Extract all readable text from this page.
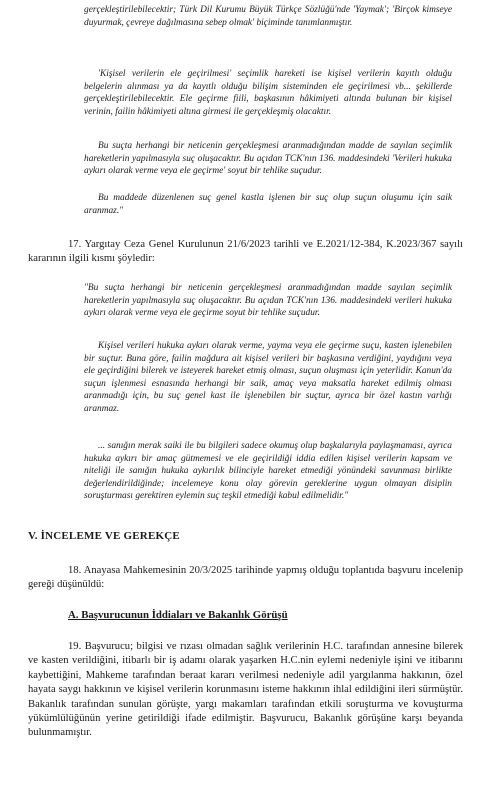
gerçekleştirilebilecektir; Türk Dil Kurumu Büyük Türkçe Sözlüğü'nde 'Yaymak'; 'Birçok kimseye duyurmak, çevreye dağılmasına sebep olmak' biçiminde tanımlanmıştır.

'Kişisel verilerin ele geçirilmesi' seçimlik hareketi ise kişisel verilerin kayıtlı olduğu belgelerin alınması ya da kayıtlı olduğu bilişim sisteminden ele geçirilmesi vb... şekillerde gerçekleştirilebilecektir. Ele geçirme fiili, başkasının hâkimiyeti altında bulunan bir kişisel verinin, failin hâkimiyeti altına girmesi ile gerçekleşmiş olacaktır.

Bu suçta herhangi bir neticenin gerçekleşmesi aranmadığından madde de sayılan seçimlik hareketlerin yapılmasıyla suç oluşacaktır. Bu açıdan TCK'nın 136. maddesindeki 'Verileri hukuka aykırı olarak verme veya ele geçirme' soyut bir tehlike suçudur.

Bu maddede düzenlenen suç genel kastla işlenen bir suç olup suçun oluşumu için saik aranmaz."

17. Yargıtay Ceza Genel Kurulunun 21/6/2023 tarihli ve E.2021/12-384, K.2023/367 sayılı kararının ilgili kısmı şöyledir:

"Bu suçta herhangi bir neticenin gerçekleşmesi aranmadığından madde sayılan seçimlik hareketlerin yapılmasıyla suç oluşacaktır. Bu açıdan TCK'nın 136. maddesindeki verileri hukuka aykırı olarak verme veya ele geçirme soyut bir tehlike suçudur.

Kişisel verileri hukuka aykırı olarak verme, yayma veya ele geçirme suçu, kasten işlenebilen bir suçtur. Buna göre, failin mağdura ait kişisel verileri bir başkasına verdiğini, yaydığını veya ele geçirdiğini bilerek ve isteyerek hareket etmiş olması, suçun oluşması için yeterlidir. Kanun'da suçun işlenmesi esnasında herhangi bir saik, amaç veya maksatla hareket edilmiş olması aranmadığı için, bu suç genel kast ile işlenebilen bir suçtur, ayrıca bir özel kastın varlığı aranmaz.

... sanığın merak saiki ile bu bilgileri sadece okumuş olup başkalarıyla paylaşmaması, ayrıca hukuka aykırı bir amaç gütmemesi ve ele geçirildiği iddia edilen kişisel verilerin kapsam ve niteliği ile sanığın hukuka aykırılık bilinciyle hareket etmediği yönündeki savunması birlikte değerlendirildiğinde; incelemeye konu olay görevin gereklerine uygun olmayan disiplin soruşturması gerektiren eylemin suç teşkil etmediği kabul edilmelidir."

V. İNCELEME VE GEREKÇE

18. Anayasa Mahkemesinin 20/3/2025 tarihinde yapmış olduğu toplantıda başvuru incelenip gereği düşünüldü:

A. Başvurucunun İddiaları ve Bakanlık Görüşü

19. Başvurucu; bilgisi ve rızası olmadan sağlık verilerinin H.C. tarafından annesine bilerek ve kasten verildiğini, itibarlı bir iş adamı olarak yaşarken H.C.nin eylemi nedeniyle işini ve itibarını kaybettiğini, Mahkeme tarafından beraat kararı verilmesi nedeniyle adil yargılanma hakkının, özel hayata saygı hakkının ve kişisel verilerin korunmasını isteme hakkının ihlal edildiğini ileri sürmüştür. Bakanlık tarafından sunulan görüşte, yargı makamları tarafından etkili soruşturma ve kovuşturma yükümlülüğünün yerine getirildiği ifade edilmiştir. Başvurucu, Bakanlık görüşüne karşı beyanda bulunmamıştır.
